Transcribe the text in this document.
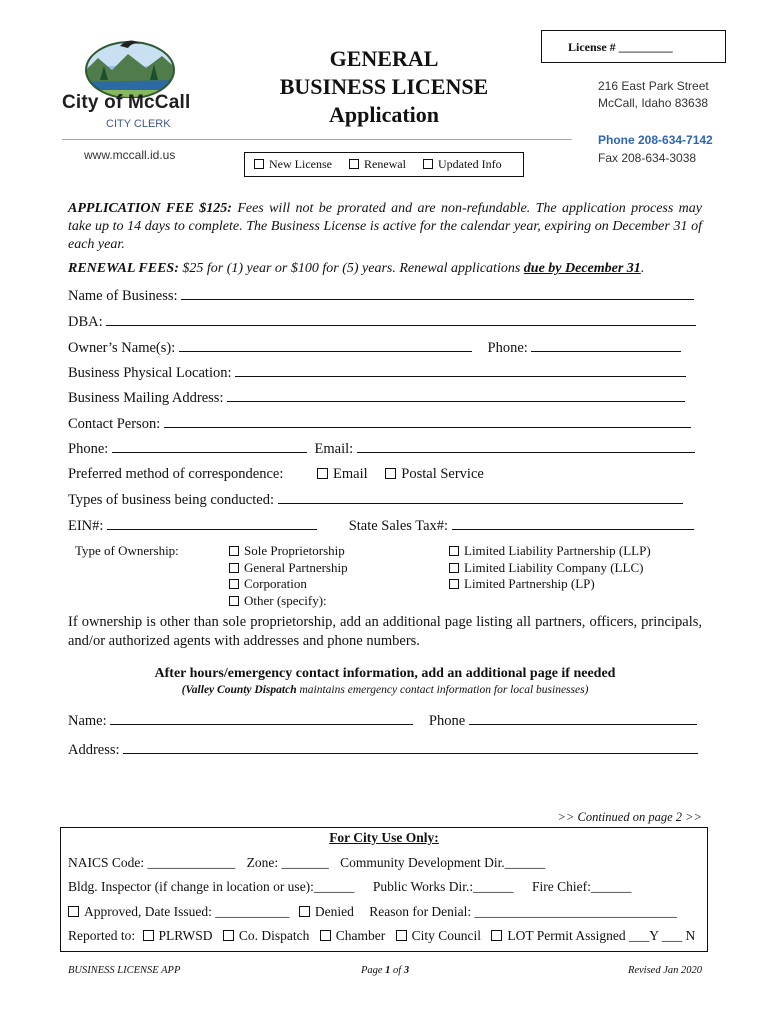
City of McCall
CITY CLERK
www.mccall.id.us
GENERAL
BUSINESS LICENSE
Application
License # _________
216 East Park Street
McCall, Idaho 83638
Phone 208-634-7142
Fax 208-634-3038
New License	Renewal	Updated Info
APPLICATION FEE $125: Fees will not be prorated and are non-refundable. The application process may take up to 14 days to complete. The Business License is active for the calendar year, expiring on December 31 of each year.
RENEWAL FEES: $25 for (1) year or $100 for (5) years. Renewal applications due by December 31.
Name of Business:
DBA:
Owner’s Name(s):	Phone:
Business Physical Location:
Business Mailing Address:
Contact Person:
Phone:	Email:
Preferred method of correspondence:	Email Postal Service
Types of business being conducted:
EIN#:	State Sales Tax#:
Type of Ownership:	Sole Proprietorship
General Partnership
Corporation
Other (specify):
Limited Liability Partnership (LLP)
Limited Liability Company (LLC)
Limited Partnership (LP)
If ownership is other than sole proprietorship, add an additional page listing all partners, officers, principals, and/or authorized agents with addresses and phone numbers.
After hours/emergency contact information, add an additional page if needed
(Valley County Dispatch maintains emergency contact information for local businesses)
Name:	Phone
Address:
>> Continued on page 2 >>
For City Use Only:
NAICS Code: _____________ Zone: _______ Community Development Dir.______
Bldg. Inspector (if change in location or use):______ Public Works Dir.:______ Fire Chief:______
Approved, Date Issued: ___________ Denied Reason for Denial: ______________________________
Reported to: PLRWSD Co. Dispatch Chamber City Council LOT Permit Assigned ___Y ___ N
BUSINESS LICENSE APP	Page 1 of 3	Revised Jan 2020
